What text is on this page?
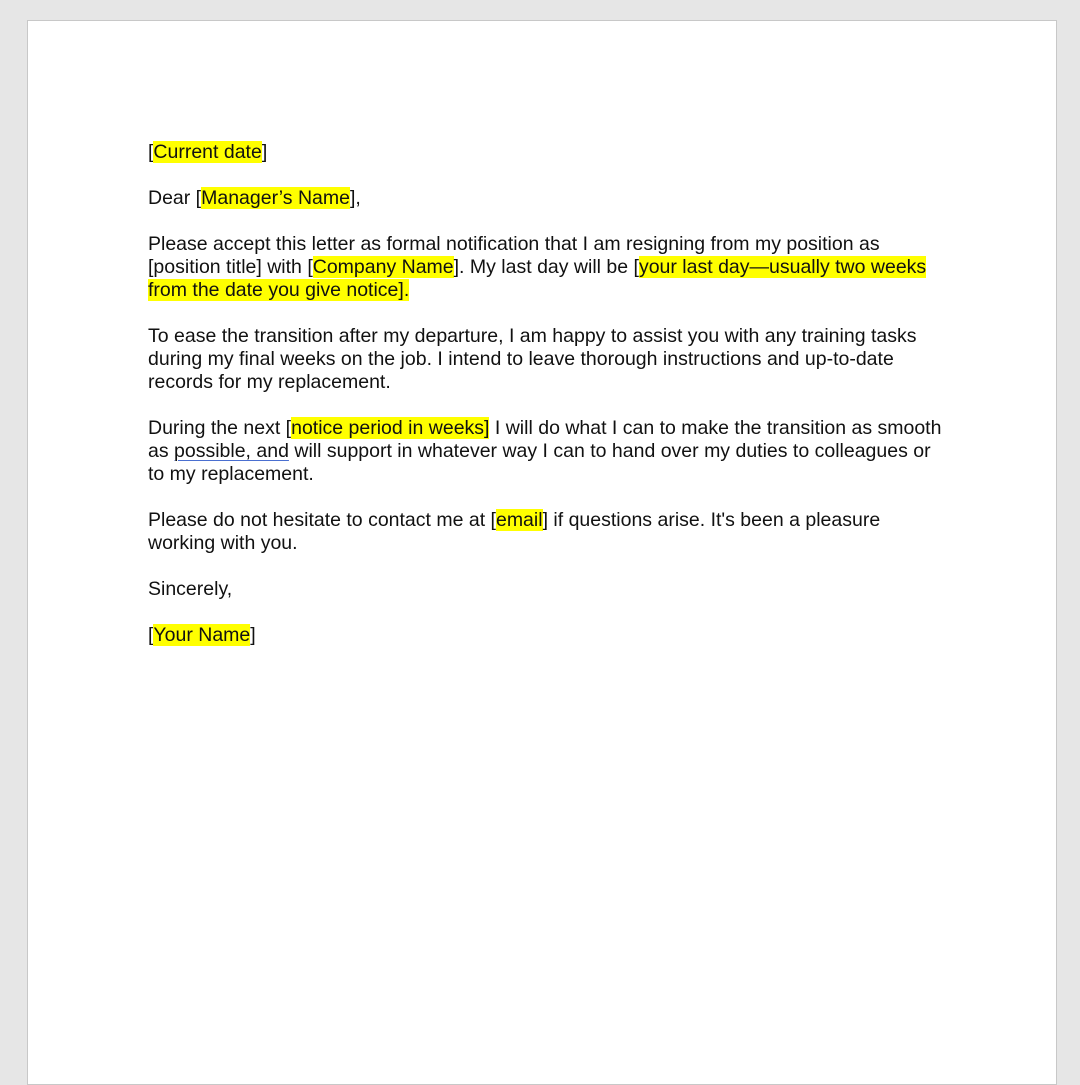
[Current date]

Dear [Manager’s Name],

Please accept this letter as formal notification that I am resigning from my position as [position title] with [Company Name]. My last day will be [your last day—usually two weeks from the date you give notice].

To ease the transition after my departure, I am happy to assist you with any training tasks during my final weeks on the job. I intend to leave thorough instructions and up-to-date records for my replacement.

During the next [notice period in weeks] I will do what I can to make the transition as smooth as possible, and will support in whatever way I can to hand over my duties to colleagues or to my replacement.

Please do not hesitate to contact me at [email] if questions arise. It's been a pleasure working with you.

Sincerely,

[Your Name]
